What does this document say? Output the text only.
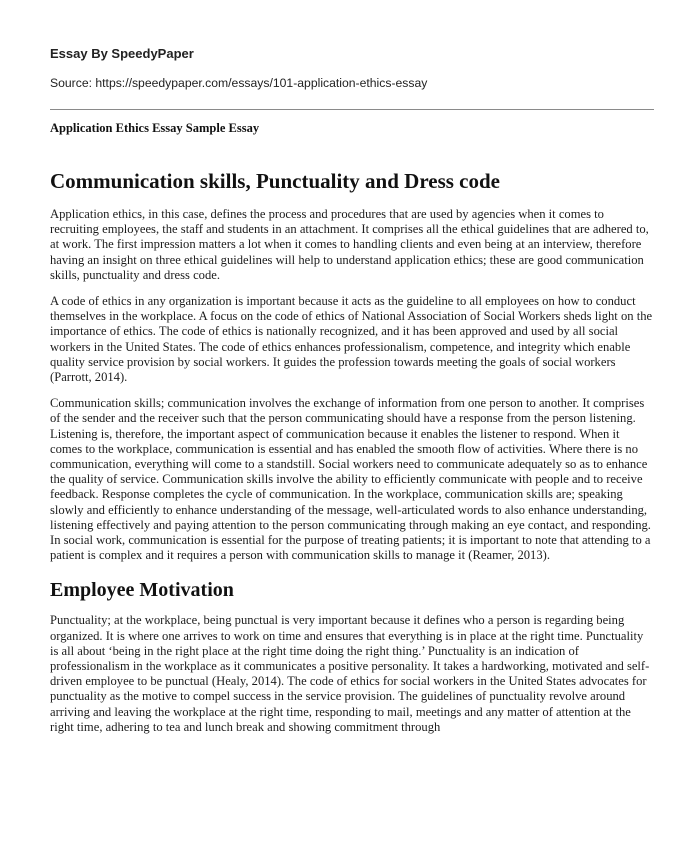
Essay By SpeedyPaper
Source: https://speedypaper.com/essays/101-application-ethics-essay
Application Ethics Essay Sample Essay
Communication skills, Punctuality and Dress code

Application ethics, in this case, defines the process and procedures that are used by agencies when it comes to recruiting employees, the staff and students in an attachment. It comprises all the ethical guidelines that are adhered to, at work. The first impression matters a lot when it comes to handling clients and even being at an interview, therefore having an insight on three ethical guidelines will help to understand application ethics; these are good communication skills, punctuality and dress code.

A code of ethics in any organization is important because it acts as the guideline to all employees on how to conduct themselves in the workplace. A focus on the code of ethics of National Association of Social Workers sheds light on the importance of ethics. The code of ethics is nationally recognized, and it has been approved and used by all social workers in the United States. The code of ethics enhances professionalism, competence, and integrity which enable quality service provision by social workers. It guides the profession towards meeting the goals of social workers (Parrott, 2014).

Communication skills; communication involves the exchange of information from one person to another. It comprises of the sender and the receiver such that the person communicating should have a response from the person listening. Listening is, therefore, the important aspect of communication because it enables the listener to respond. When it comes to the workplace, communication is essential and has enabled the smooth flow of activities. Where there is no communication, everything will come to a standstill. Social workers need to communicate adequately so as to enhance the quality of service. Communication skills involve the ability to efficiently communicate with people and to receive feedback. Response completes the cycle of communication. In the workplace, communication skills are; speaking slowly and efficiently to enhance understanding of the message, well-articulated words to also enhance understanding, listening effectively and paying attention to the person communicating through making an eye contact, and responding. In social work, communication is essential for the purpose of treating patients; it is important to note that attending to a patient is complex and it requires a person with communication skills to manage it (Reamer, 2013).

Employee Motivation

Punctuality; at the workplace, being punctual is very important because it defines who a person is regarding being organized. It is where one arrives to work on time and ensures that everything is in place at the right time. Punctuality is all about ‘being in the right place at the right time doing the right thing.’ Punctuality is an indication of professionalism in the workplace as it communicates a positive personality. It takes a hardworking, motivated and self-driven employee to be punctual (Healy, 2014). The code of ethics for social workers in the United States advocates for punctuality as the motive to compel success in the service provision. The guidelines of punctuality revolve around arriving and leaving the workplace at the right time, responding to mail, meetings and any matter of attention at the right time, adhering to tea and lunch break and showing commitment through
